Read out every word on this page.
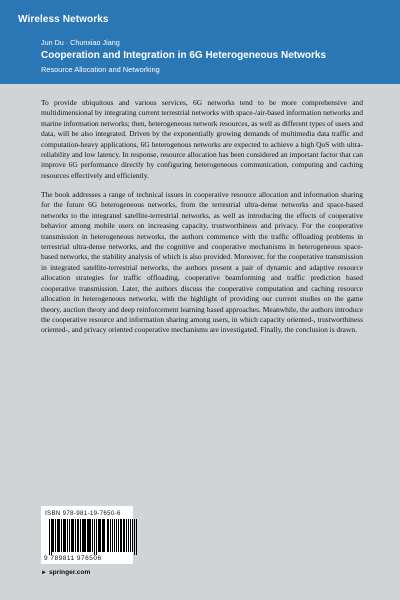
Wireless Networks
Jun Du · Chunxiao Jiang
Cooperation and Integration in 6G Heterogeneous Networks
Resource Allocation and Networking

To provide ubiquitous and various services, 6G networks tend to be more comprehensive and multidimensional by integrating current terrestrial networks with space-/air-based information networks and marine information networks; then, heterogeneous network resources, as well as different types of users and data, will be also integrated. Driven by the exponentially growing demands of multimedia data traffic and computation-heavy applications, 6G heterogenous networks are expected to achieve a high QoS with ultra-reliability and low latency. In response, resource allocation has been considered an important factor that can improve 6G performance directly by configuring heterogeneous communication, computing and caching resources effectively and efficiently.

The book addresses a range of technical issues in cooperative resource allocation and information sharing for the future 6G heterogeneous networks, from the terrestrial ultra-dense networks and space-based networks to the integrated satellite-terrestrial networks, as well as introducing the effects of cooperative behavior among mobile users on increasing capacity, trustworthiness and privacy. For the cooperative transmission in heterogeneous networks, the authors commence with the traffic offloading problems in terrestrial ultra-dense networks, and the cognitive and cooperative mechanisms in heterogeneous space-based networks, the stability analysis of which is also provided. Moreover, for the cooperative transmission in integrated satellite-terrestrial networks, the authors present a pair of dynamic and adaptive resource allocation strategies for traffic offloading, cooperative beamforming and traffic prediction based cooperative transmission. Later, the authors discuss the cooperative computation and caching resource allocation in heterogeneous networks, with the highlight of providing our current studies on the game theory, auction theory and deep reinforcement learning based approaches. Meanwhile, the authors introduce the cooperative resource and information sharing among users, in which capacity oriented-, trustworthiness oriented-, and privacy oriented cooperative mechanisms are investigated. Finally, the conclusion is drawn.

ISBN 978-981-19-7650-6
9 789811 976506
► springer.com
